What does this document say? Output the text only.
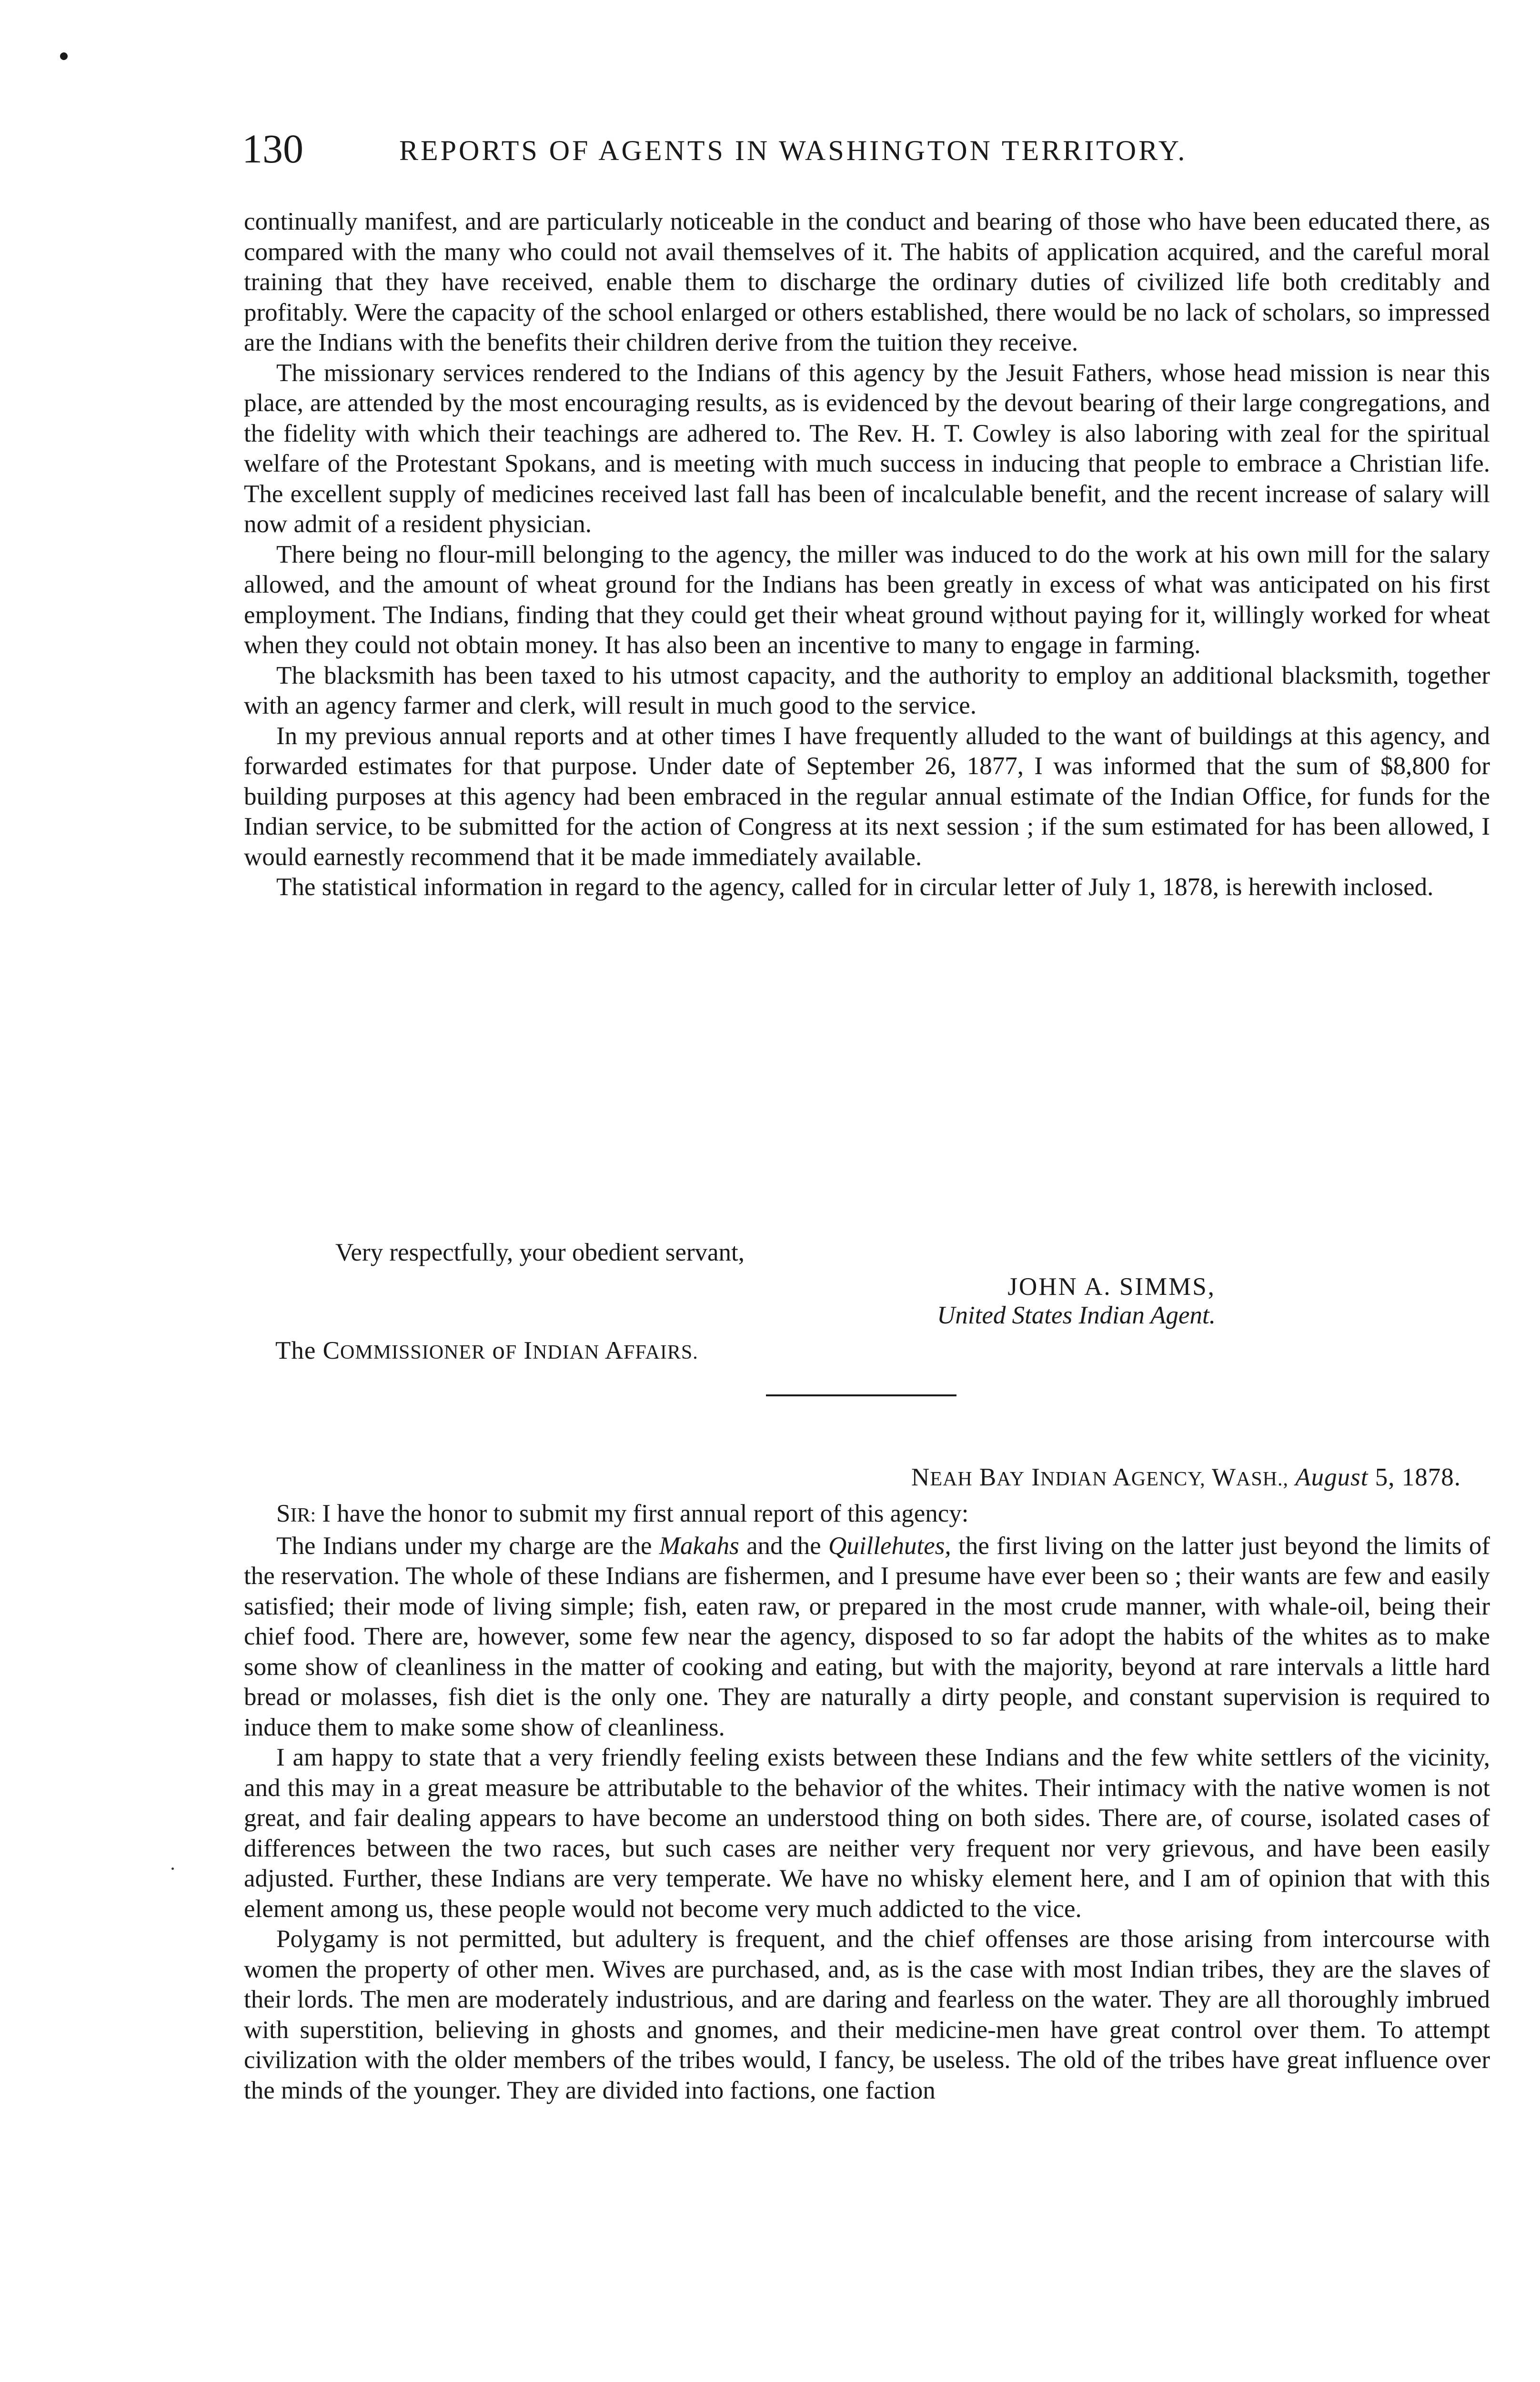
130	REPORTS OF AGENTS IN WASHINGTON TERRITORY.

continually manifest, and are particularly noticeable in the conduct and bearing of those who have been educated there, as compared with the many who could not avail themselves of it. The habits of application acquired, and the careful moral training that they have received, enable them to discharge the ordinary duties of civilized life both creditably and profitably. Were the capacity of the school enlarged or others established, there would be no lack of scholars, so impressed are the Indians with the benefits their children derive from the tuition they receive.

The missionary services rendered to the Indians of this agency by the Jesuit Fathers, whose head mission is near this place, are attended by the most encouraging results, as is evidenced by the devout bearing of their large congregations, and the fidelity with which their teachings are adhered to. The Rev. H. T. Cowley is also laboring with zeal for the spiritual welfare of the Protestant Spokans, and is meeting with much success in inducing that people to embrace a Christian life. The excellent supply of medicines received last fall has been of incalculable benefit, and the recent increase of salary will now admit of a resident physician.

There being no flour-mill belonging to the agency, the miller was induced to do the work at his own mill for the salary allowed, and the amount of wheat ground for the Indians has been greatly in excess of what was anticipated on his first employment. The Indians, finding that they could get their wheat ground without paying for it, willingly worked for wheat when they could not obtain money. It has also been an incentive to many to engage in farming.

The blacksmith has been taxed to his utmost capacity, and the authority to employ an additional blacksmith, together with an agency farmer and clerk, will result in much good to the service.

In my previous annual reports and at other times I have frequently alluded to the want of buildings at this agency, and forwarded estimates for that purpose. Under date of September 26, 1877, I was informed that the sum of $8,800 for building purposes at this agency had been embraced in the regular annual estimate of the Indian Office, for funds for the Indian service, to be submitted for the action of Congress at its next session ; if the sum estimated for has been allowed, I would earnestly recommend that it be made immediately available.

The statistical information in regard to the agency, called for in circular letter of July 1, 1878, is herewith inclosed.

Very respectfully, your obedient servant,
JOHN A. SIMMS,
United States Indian Agent.
The COMMISSIONER oF INDIAN AFFAIRS.
NEAH BAY INDIAN AGENCY, WASH., August 5, 1878.

SIR: I have the honor to submit my first annual report of this agency:

The Indians under my charge are the Makahs and the Quillehutes, the first living on the latter just beyond the limits of the reservation. The whole of these Indians are fishermen, and I presume have ever been so ; their wants are few and easily satisfied; their mode of living simple; fish, eaten raw, or prepared in the most crude manner, with whale-oil, being their chief food. There are, however, some few near the agency, disposed to so far adopt the habits of the whites as to make some show of cleanliness in the matter of cooking and eating, but with the majority, beyond at rare intervals a little hard bread or molasses, fish diet is the only one. They are naturally a dirty people, and constant supervision is required to induce them to make some show of cleanliness.

I am happy to state that a very friendly feeling exists between these Indians and the few white settlers of the vicinity, and this may in a great measure be attributable to the behavior of the whites. Their intimacy with the native women is not great, and fair dealing appears to have become an understood thing on both sides. There are, of course, isolated cases of differences between the two races, but such cases are neither very frequent nor very grievous, and have been easily adjusted. Further, these Indians are very temperate. We have no whisky element here, and I am of opinion that with this element among us, these people would not become very much addicted to the vice.

Polygamy is not permitted, but adultery is frequent, and the chief offenses are those arising from intercourse with women the property of other men. Wives are purchased, and, as is the case with most Indian tribes, they are the slaves of their lords. The men are moderately industrious, and are daring and fearless on the water. They are all thoroughly imbrued with superstition, believing in ghosts and gnomes, and their medicine-men have great control over them. To attempt civilization with the older members of the tribes would, I fancy, be useless. The old of the tribes have great influence over the minds of the younger. They are divided into factions, one faction
